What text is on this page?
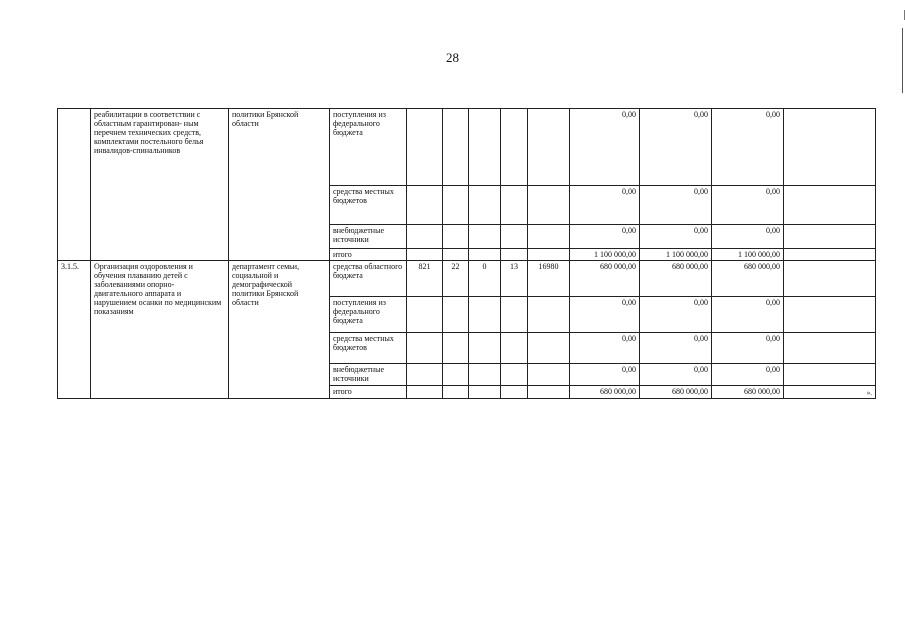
28
	реабилитации в соответствии с областным гарантирован- ным перечнем технических средств, комплектами постельного белья инвалидов-спинальников	политики Брянской области	поступления из федерального бюджета						0,00	0,00	0,00	
			средства местных бюджетов						0,00	0,00	0,00	
			внебюджетные источники						0,00	0,00	0,00	
			итого						1 100 000,00	1 100 000,00	1 100 000,00	
3.1.5.	Организация оздоровления и обучения плаванию детей с заболеваниями опорно- двигательного аппарата и нарушением осанки по медицинским показаниям	департамент семьи, социальной и демографической политики Брянской области	средства областного бюджета	821	22	0	13	16980	680 000,00	680 000,00	680 000,00	
			поступления из федерального бюджета						0,00	0,00	0,00	
			средства местных бюджетов						0,00	0,00	0,00	
			внебюджетные источники						0,00	0,00	0,00	
			итого						680 000,00	680 000,00	680 000,00	».
